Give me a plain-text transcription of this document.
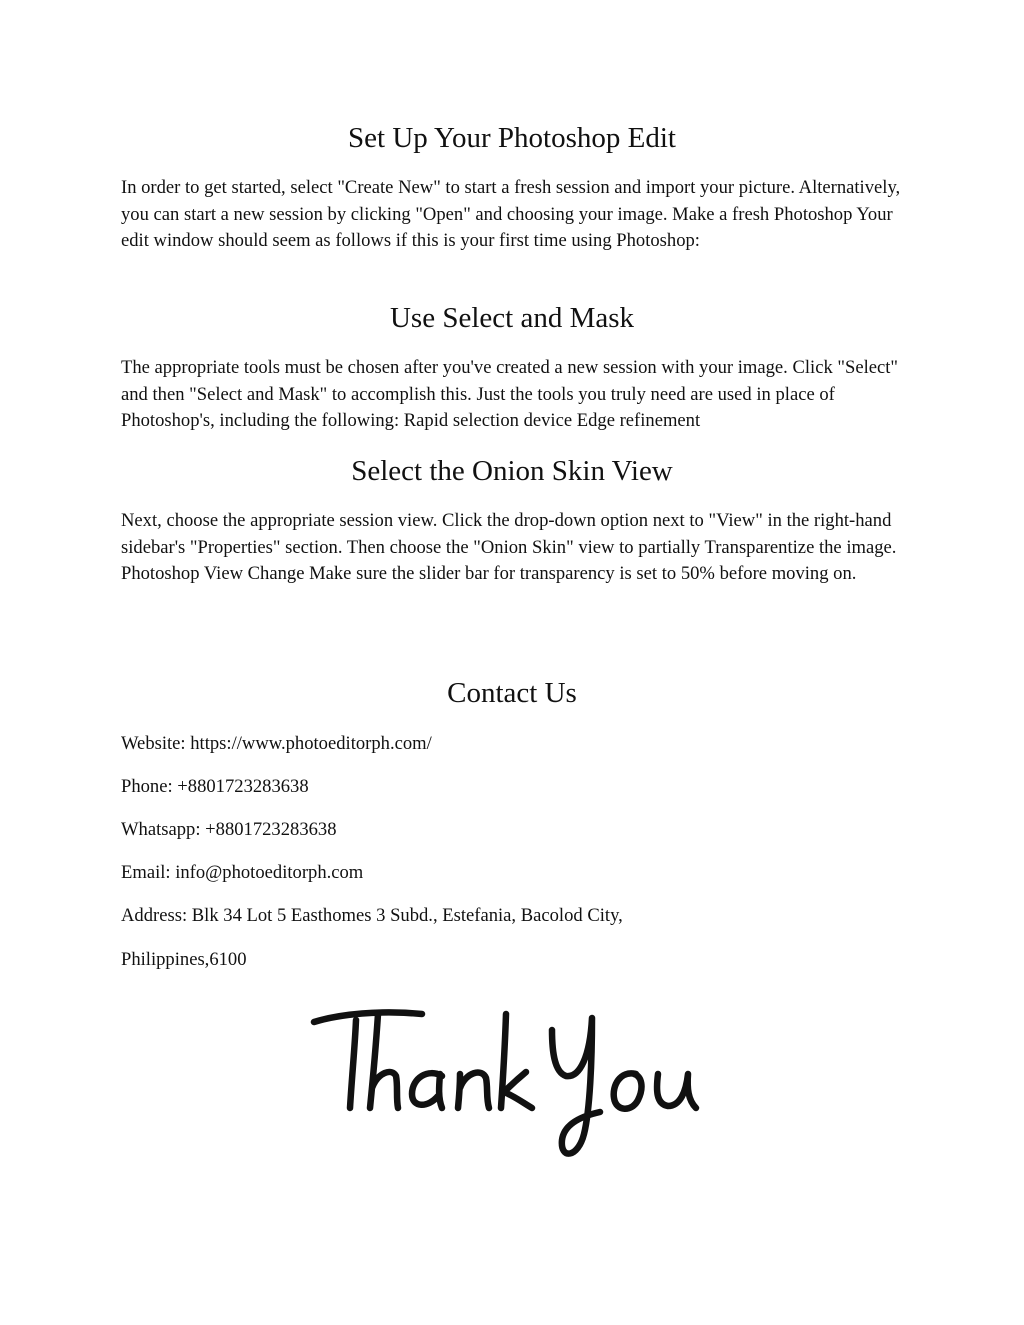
Set Up Your Photoshop Edit

In order to get started, select "Create New" to start a fresh session and import your picture. Alternatively, you can start a new session by clicking "Open" and choosing your image. Make a fresh Photoshop Your edit window should seem as follows if this is your first time using Photoshop:

Use Select and Mask

The appropriate tools must be chosen after you've created a new session with your image. Click "Select" and then "Select and Mask" to accomplish this. Just the tools you truly need are used in place of Photoshop's, including the following: Rapid selection device Edge refinement

Select the Onion Skin View

Next, choose the appropriate session view. Click the drop-down option next to "View" in the right-hand sidebar's "Properties" section. Then choose the "Onion Skin" view to partially Transparentize the image. Photoshop View Change Make sure the slider bar for transparency is set to 50% before moving on.

Contact Us

Website: https://www.photoeditorph.com/

Phone: +8801723283638

Whatsapp: +8801723283638

Email: info@photoeditorph.com

Address: Blk 34 Lot 5 Easthomes 3 Subd., Estefania, Bacolod City,

Philippines,6100
